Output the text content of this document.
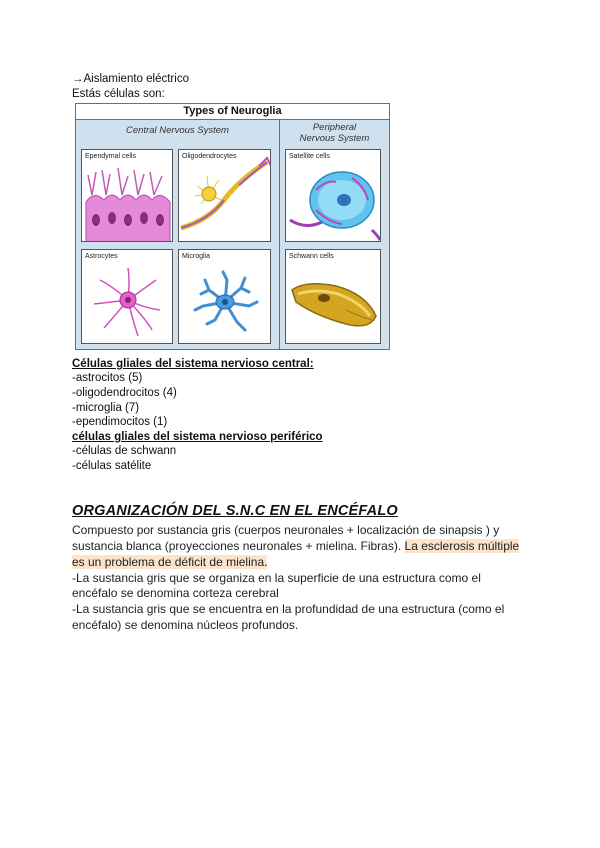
→Aislamiento eléctrico
Estás células son:
Types of Neuroglia
Central Nervous System	Peripheral
Nervous System
Ependymal cells	Oligodendrocytes	Satellite cells
Astrocytes	Microglia	Schwann cells
Células gliales del sistema nervioso central:
-astrocitos (5)
-oligodendrocitos (4)
-microglia (7)
-ependimocitos (1)
células gliales del sistema nervioso periférico
-células de schwann
-células satélite
ORGANIZACIÓN DEL S.N.C EN EL ENCÉFALO
Compuesto por sustancia gris (cuerpos neuronales + localización de sinapsis ) y
sustancia blanca (proyecciones neuronales + mielina. Fibras). La esclerosis múltiple
es un problema de déficit de mielina.
-La sustancia gris que se organiza en la superficie de una estructura como el
encéfalo se denomina corteza cerebral
-La sustancia gris que se encuentra en la profundidad de una estructura (como el
encéfalo) se denomina núcleos profundos.
